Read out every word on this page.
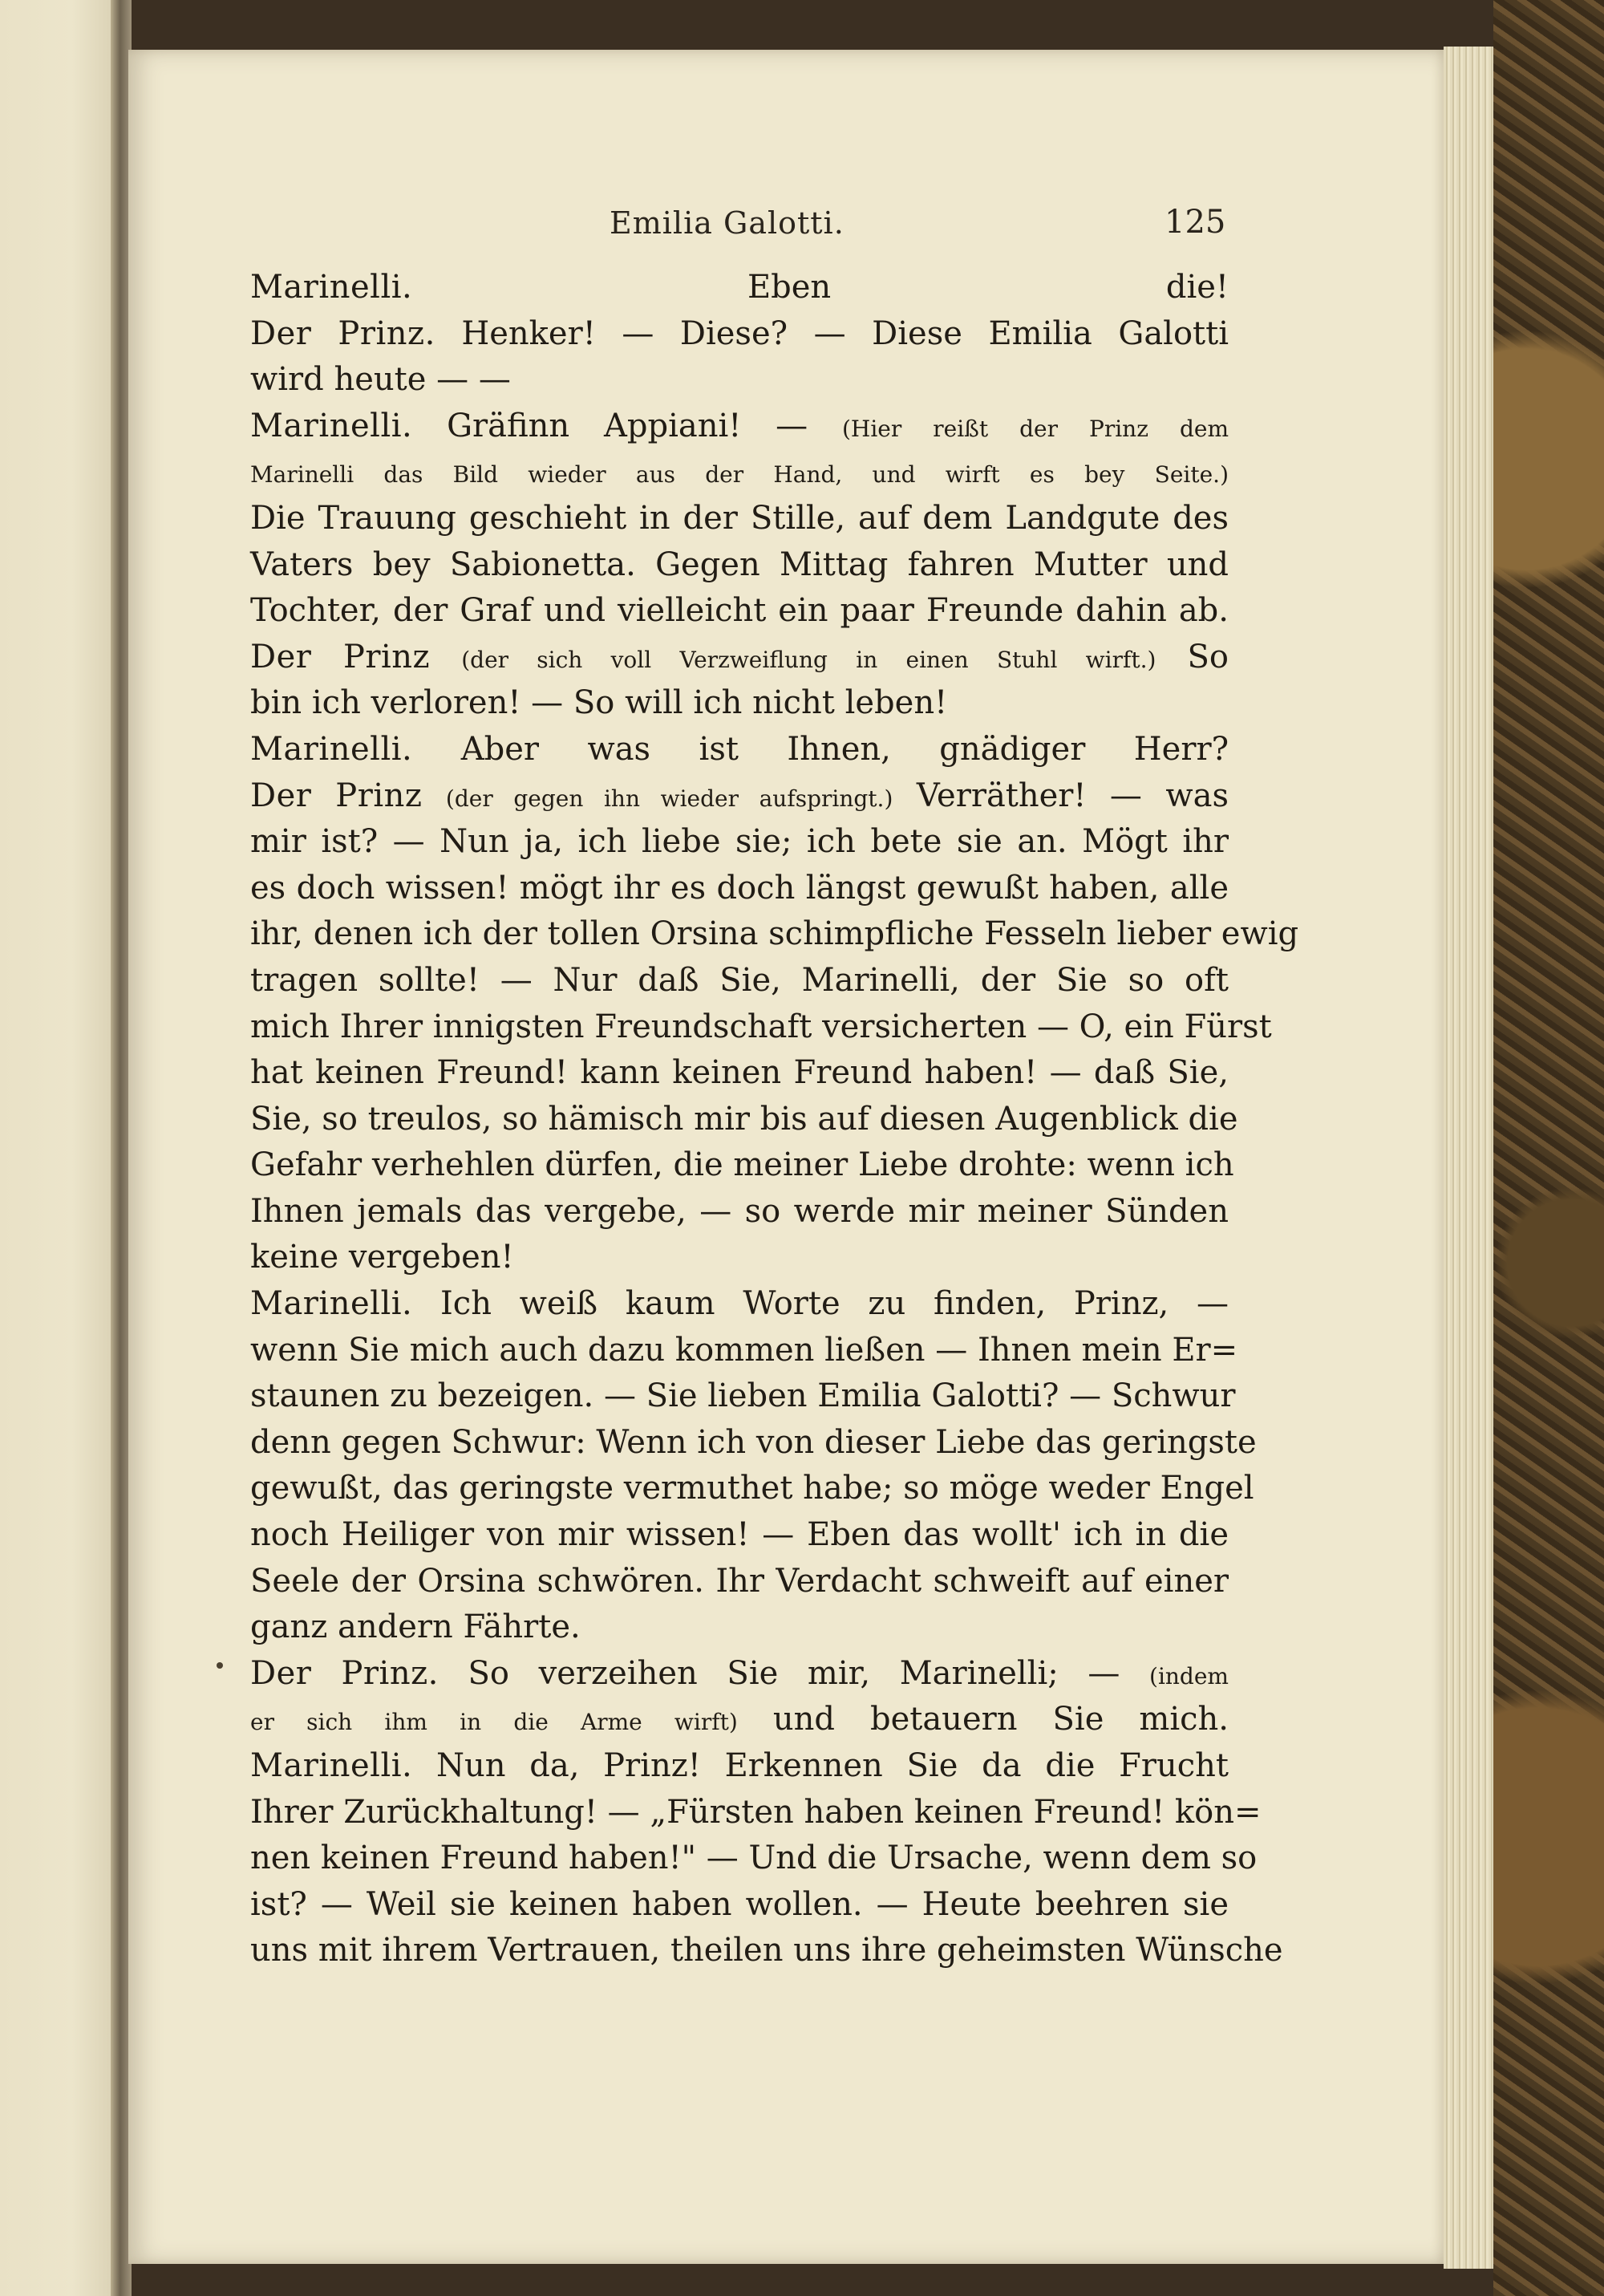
Emilia Galotti.	125
Marinelli.	Eben die!
Der Prinz. Henker! — Diese? — Diese Emilia Galotti
wird heute — —
Marinelli. Gräfinn Appiani! — (Hier reißt der Prinz dem
Marinelli das Bild wieder aus der Hand, und wirft es bey Seite.)
Die Trauung geschieht in der Stille, auf dem Landgute des
Vaters bey Sabionetta. Gegen Mittag fahren Mutter und
Tochter, der Graf und vielleicht ein paar Freunde dahin ab.
Der Prinz (der sich voll Verzweiflung in einen Stuhl wirft.) So
bin ich verloren! — So will ich nicht leben!
Marinelli. Aber was ist Ihnen, gnädiger Herr?
Der Prinz (der gegen ihn wieder aufspringt.) Verräther! — was
mir ist? — Nun ja, ich liebe sie; ich bete sie an. Mögt ihr
es doch wissen! mögt ihr es doch längst gewußt haben, alle
ihr, denen ich der tollen Orsina schimpfliche Fesseln lieber ewig
tragen sollte! — Nur daß Sie, Marinelli, der Sie so oft
mich Ihrer innigsten Freundschaft versicherten — O, ein Fürst
hat keinen Freund! kann keinen Freund haben! — daß Sie,
Sie, so treulos, so hämisch mir bis auf diesen Augenblick die
Gefahr verhehlen dürfen, die meiner Liebe drohte: wenn ich
Ihnen jemals das vergebe, — so werde mir meiner Sünden
keine vergeben!
Marinelli. Ich weiß kaum Worte zu finden, Prinz, —
wenn Sie mich auch dazu kommen ließen — Ihnen mein Er=
staunen zu bezeigen. — Sie lieben Emilia Galotti? — Schwur
denn gegen Schwur: Wenn ich von dieser Liebe das geringste
gewußt, das geringste vermuthet habe; so möge weder Engel
noch Heiliger von mir wissen! — Eben das wollt' ich in die
Seele der Orsina schwören. Ihr Verdacht schweift auf einer
ganz andern Fährte.
Der Prinz. So verzeihen Sie mir, Marinelli; — (indem
er sich ihm in die Arme wirft) und betauern Sie mich.
Marinelli. Nun da, Prinz! Erkennen Sie da die Frucht
Ihrer Zurückhaltung! — „Fürsten haben keinen Freund! kön=
nen keinen Freund haben!" — Und die Ursache, wenn dem so
ist? — Weil sie keinen haben wollen. — Heute beehren sie
uns mit ihrem Vertrauen, theilen uns ihre geheimsten Wünsche
